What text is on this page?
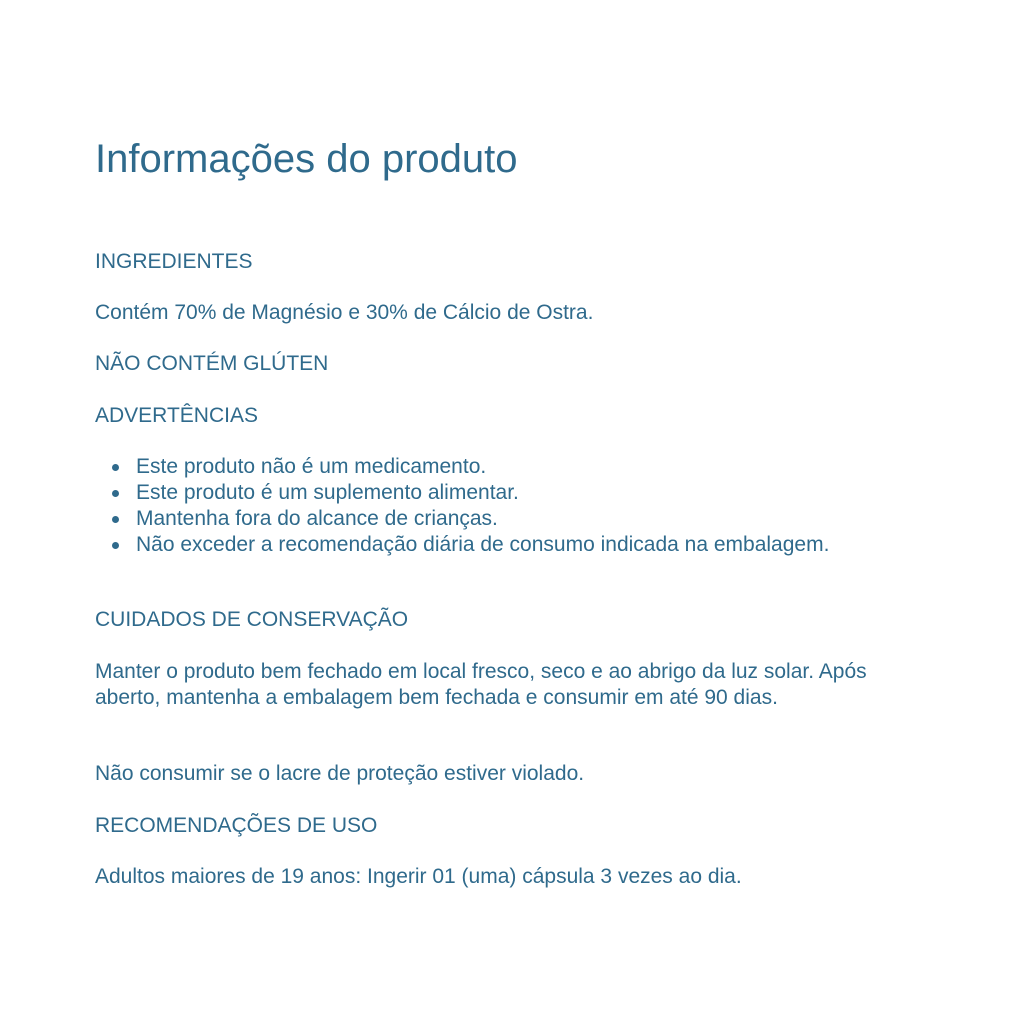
Informações do produto

INGREDIENTES

Contém 70% de Magnésio e 30% de Cálcio de Ostra.

NÃO CONTÉM GLÚTEN

ADVERTÊNCIAS

Este produto não é um medicamento.
Este produto é um suplemento alimentar.
Mantenha fora do alcance de crianças.
Não exceder a recomendação diária de consumo indicada na embalagem.

CUIDADOS DE CONSERVAÇÃO

Manter o produto bem fechado em local fresco, seco e ao abrigo da luz solar. Após aberto, mantenha a embalagem bem fechada e consumir em até 90 dias.

Não consumir se o lacre de proteção estiver violado.

RECOMENDAÇÕES DE USO

Adultos maiores de 19 anos: Ingerir 01 (uma) cápsula 3 vezes ao dia.
